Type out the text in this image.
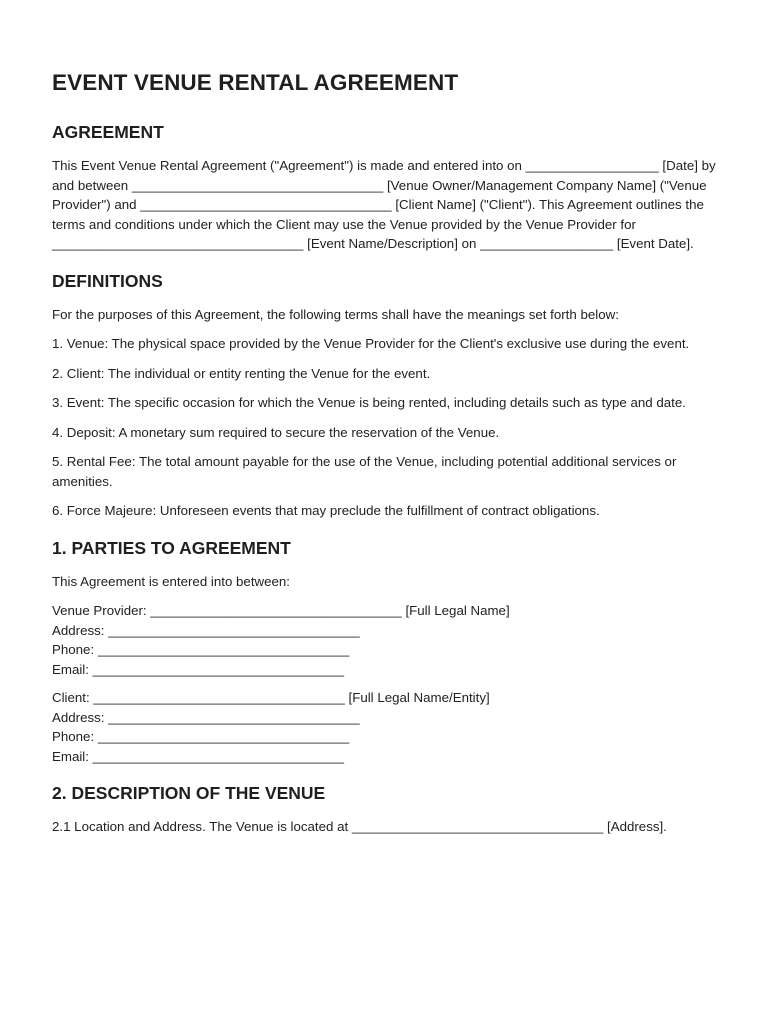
EVENT VENUE RENTAL AGREEMENT
AGREEMENT

This Event Venue Rental Agreement ("Agreement") is made and entered into on __________________ [Date] by and between __________________________________ [Venue Owner/Management Company Name] ("Venue Provider") and __________________________________ [Client Name] ("Client"). This Agreement outlines the terms and conditions under which the Client may use the Venue provided by the Venue Provider for __________________________________ [Event Name/Description] on __________________ [Event Date].

DEFINITIONS

For the purposes of this Agreement, the following terms shall have the meanings set forth below:

1. Venue: The physical space provided by the Venue Provider for the Client's exclusive use during the event.

2. Client: The individual or entity renting the Venue for the event.

3. Event: The specific occasion for which the Venue is being rented, including details such as type and date.

4. Deposit: A monetary sum required to secure the reservation of the Venue.

5. Rental Fee: The total amount payable for the use of the Venue, including potential additional services or amenities.

6. Force Majeure: Unforeseen events that may preclude the fulfillment of contract obligations.

1. PARTIES TO AGREEMENT

This Agreement is entered into between:

Venue Provider: __________________________________ [Full Legal Name]

Address: __________________________________

Phone: __________________________________

Email: __________________________________

Client: __________________________________ [Full Legal Name/Entity]

Address: __________________________________

Phone: __________________________________

Email: __________________________________

2. DESCRIPTION OF THE VENUE

2.1 Location and Address. The Venue is located at __________________________________ [Address].
